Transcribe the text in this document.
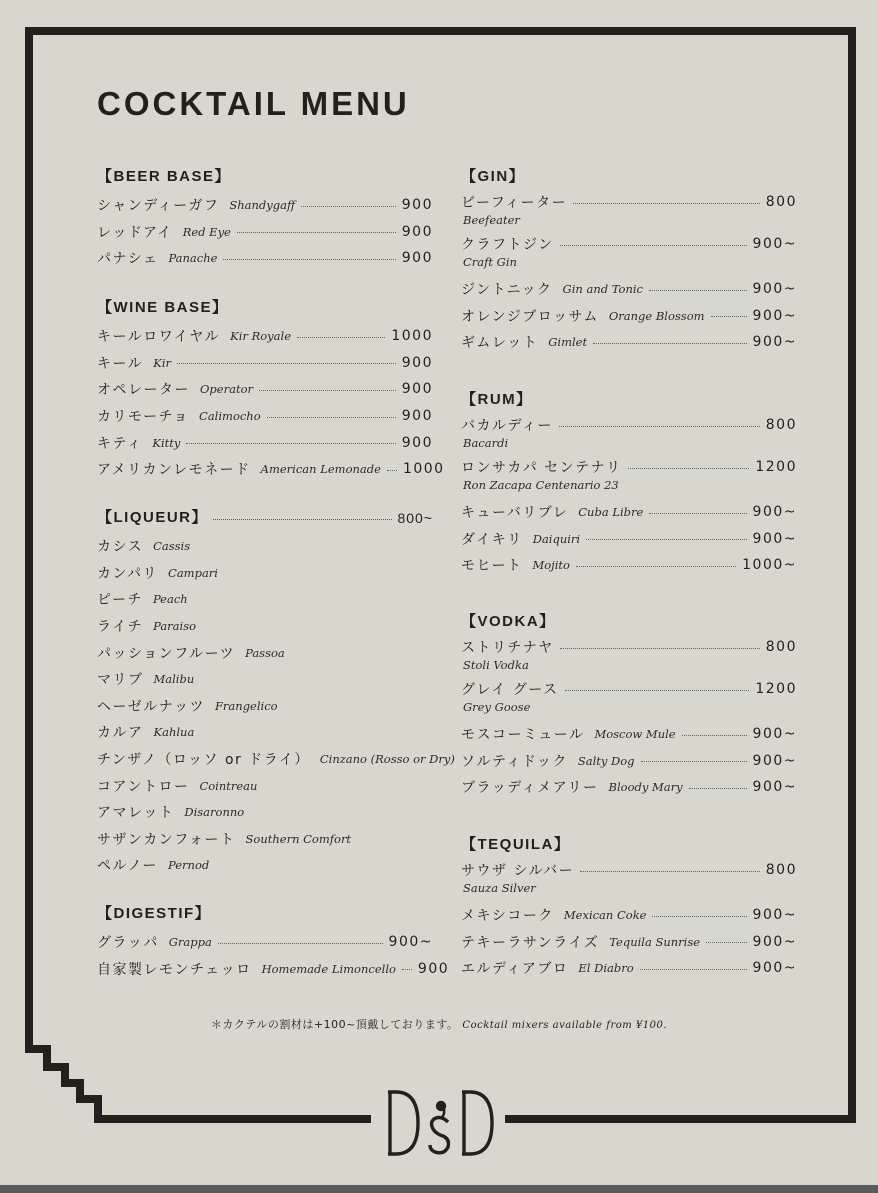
COCKTAIL MENU
【BEER BASE】
シャンディーガフ Shandygaff	900
レッドアイ Red Eye	900
パナシェ Panache	900
【WINE BASE】
キールロワイヤル Kir Royale	1000
キール Kir	900
オペレーター Operator	900
カリモーチョ Calimocho	900
キティ Kitty	900
アメリカンレモネード American Lemonade 1000
【LIQUEUR】	800~
カシス Cassis
カンパリ Campari
ピーチ Peach
ライチ Paraiso
パッションフルーツ Passoa
マリブ Malibu
ヘーゼルナッツ Frangelico
カルア Kahlua
チンザノ（ロッソ or ドライ） Cinzano (Rosso or Dry)
コアントロー Cointreau
アマレット Disaronno
サザンカンフォート Southern Comfort
ペルノー Pernod
【DIGESTIF】
グラッパ Grappa	900~
自家製レモンチェッロ Homemade Limoncello 900
【GIN】
ビーフィーター	800
Beefeater
クラフトジン	900~
Craft Gin
ジントニック Gin and Tonic	900~
オレンジブロッサム Orange Blossom	900~
ギムレット Gimlet	900~
【RUM】
バカルディー	800
Bacardi
ロンサカパ センテナリ	1200
Ron Zacapa Centenario 23
キューバリブレ Cuba Libre	900~
ダイキリ Daiquiri	900~
モヒート Mojito	1000~
【VODKA】
ストリチナヤ	800
Stoli Vodka
グレイ グース	1200
Grey Goose
モスコーミュール Moscow Mule	900~
ソルティドック Salty Dog	900~
ブラッディメアリー Bloody Mary	900~
【TEQUILA】
サウザ シルバー	800
Sauza Silver
メキシコーク Mexican Coke	900~
テキーラサンライズ Tequila Sunrise	900~
エルディアブロ El Diabro	900~
＊カクテルの割材は+100~頂戴しております。 Cocktail mixers available from ¥100.
